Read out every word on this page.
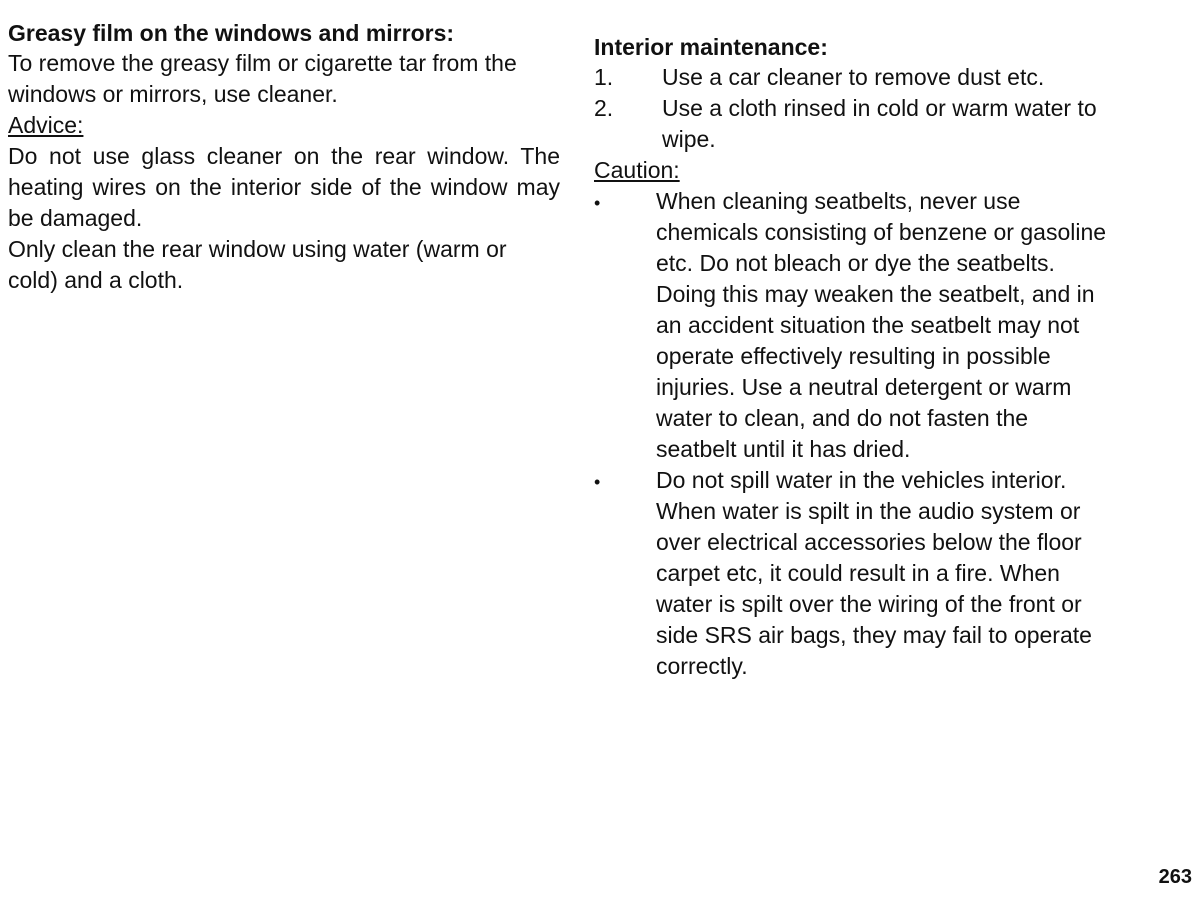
Greasy film on the windows and mirrors:

To remove the greasy film or cigarette tar from the windows or mirrors, use cleaner.

Advice:

Do not use glass cleaner on the rear window. The heating wires on the interior side of the window may be damaged.

Only clean the rear window using water (warm or cold) and a cloth.

Interior maintenance:
1.	Use a car cleaner to remove dust etc.
2.	Use a cloth rinsed in cold or warm water to wipe.

Caution:

•	When cleaning seatbelts, never use chemicals consisting of benzene or gasoline etc. Do not bleach or dye the seatbelts. Doing this may weaken the seatbelt, and in an accident situation the seatbelt may not operate effectively resulting in possible injuries. Use a neutral detergent or warm water to clean, and do not fasten the seatbelt until it has dried.
•	Do not spill water in the vehicles interior. When water is spilt in the audio system or over electrical accessories below the floor carpet etc, it could result in a fire. When water is spilt over the wiring of the front or side SRS air bags, they may fail to operate correctly.
263
